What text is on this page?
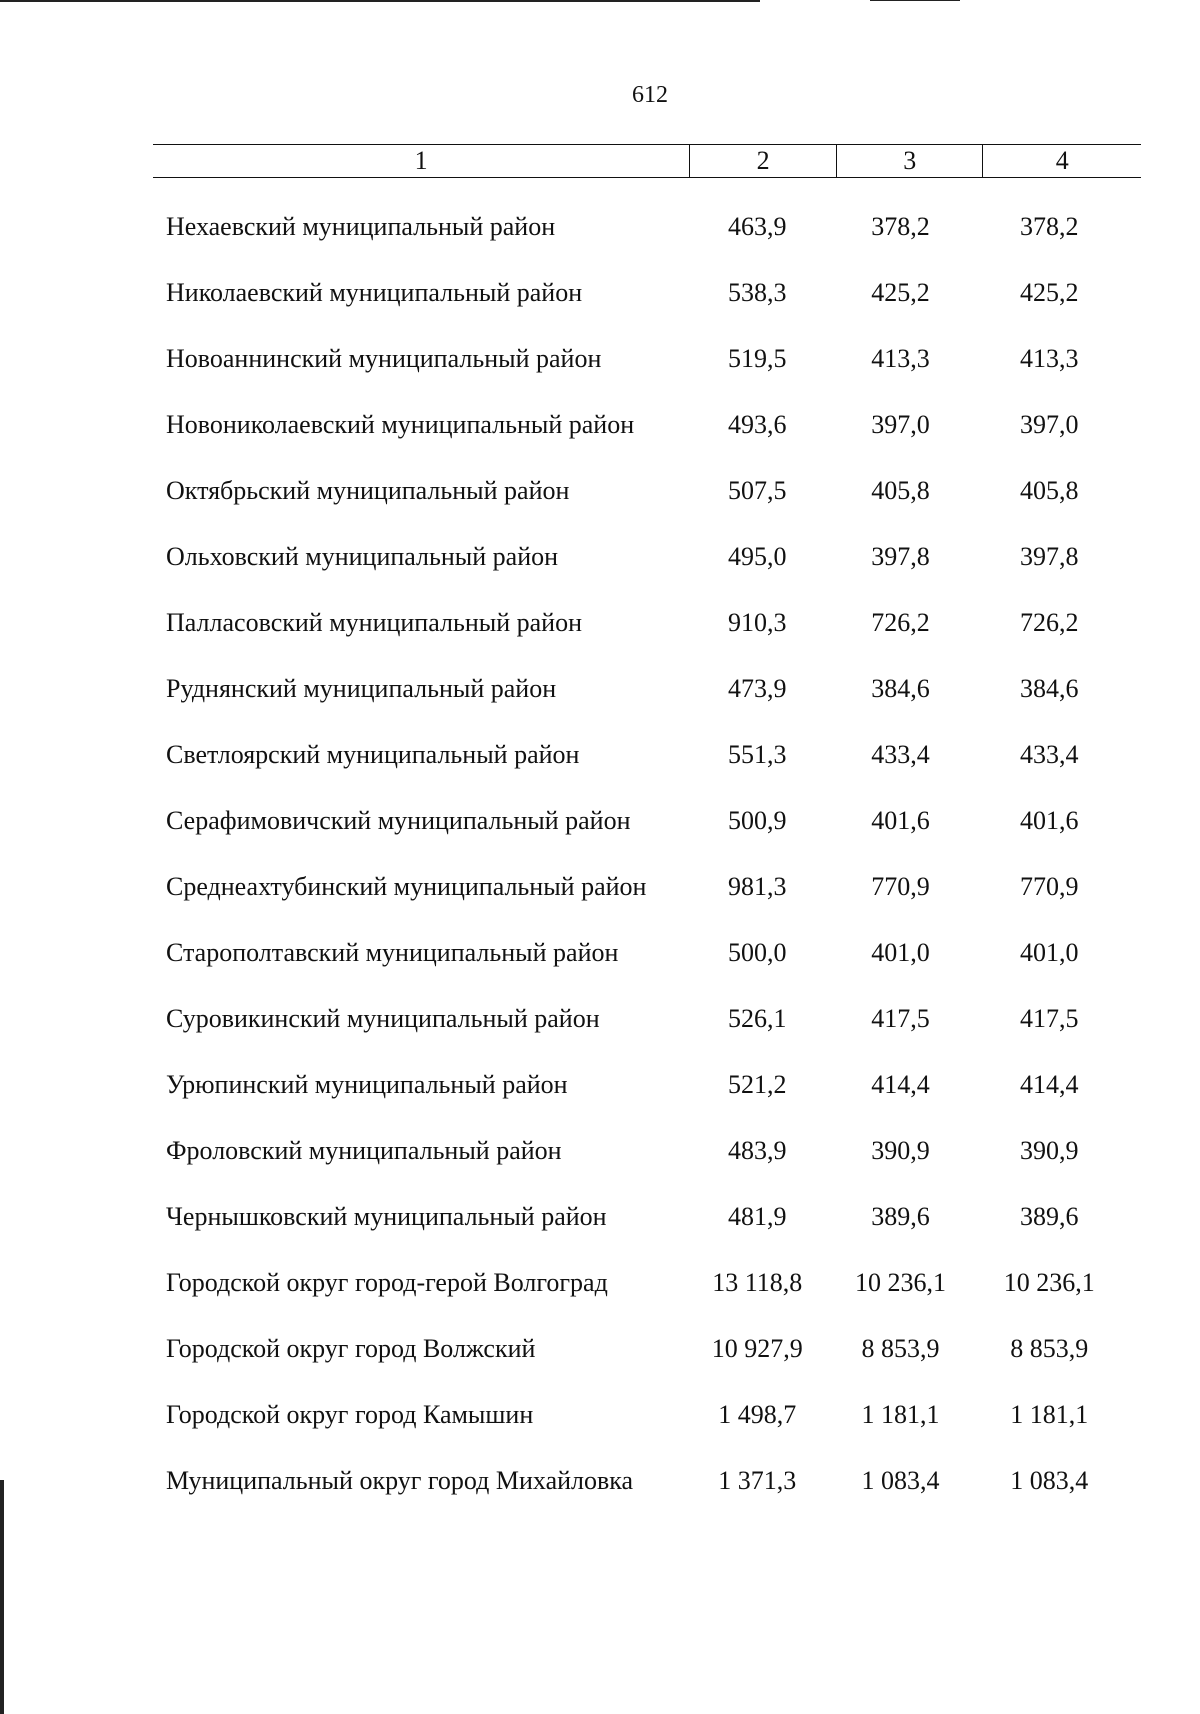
612
1	2	3	4
Нехаевский муниципальный район	463,9	378,2	378,2
Николаевский муниципальный район	538,3	425,2	425,2
Новоаннинский муниципальный район	519,5	413,3	413,3
Новониколаевский муниципальный район	493,6	397,0	397,0
Октябрьский муниципальный район	507,5	405,8	405,8
Ольховский муниципальный район	495,0	397,8	397,8
Палласовский муниципальный район	910,3	726,2	726,2
Руднянский муниципальный район	473,9	384,6	384,6
Светлоярский муниципальный район	551,3	433,4	433,4
Серафимовичский муниципальный район	500,9	401,6	401,6
Среднеахтубинский муниципальный район	981,3	770,9	770,9
Старополтавский муниципальный район	500,0	401,0	401,0
Суровикинский муниципальный район	526,1	417,5	417,5
Урюпинский муниципальный район	521,2	414,4	414,4
Фроловский муниципальный район	483,9	390,9	390,9
Чернышковский муниципальный район	481,9	389,6	389,6
Городской округ город-герой Волгоград	13 118,8	10 236,1	10 236,1
Городской округ город Волжский	10 927,9	8 853,9	8 853,9
Городской округ город Камышин	1 498,7	1 181,1	1 181,1
Муниципальный округ город Михайловка	1 371,3	1 083,4	1 083,4
